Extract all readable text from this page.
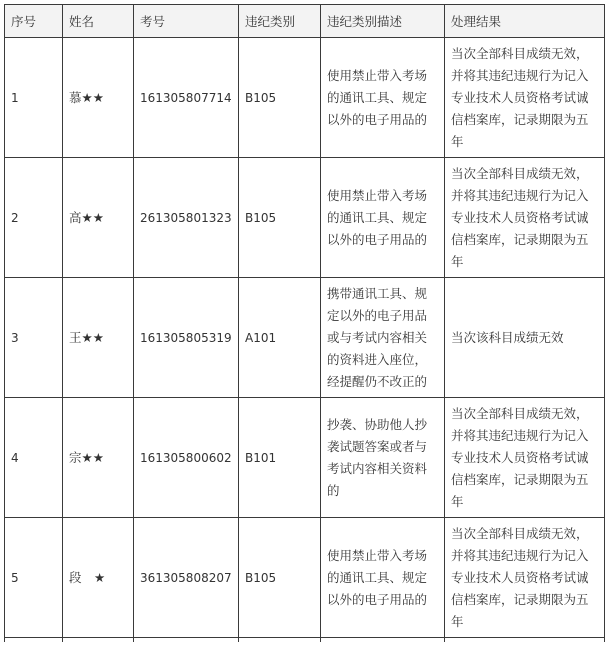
序号	姓名	考号	违纪类别	违纪类别描述	处理结果
1	慕★★	161305807714	B105	使用禁止带入考场的通讯工具、规定以外的电子用品的	当次全部科目成绩无效，并将其违纪违规行为记入专业技术人员资格考试诚信档案库，记录期限为五年
2	高★★	261305801323	B105	使用禁止带入考场的通讯工具、规定以外的电子用品的	当次全部科目成绩无效，并将其违纪违规行为记入专业技术人员资格考试诚信档案库，记录期限为五年
3	王★★	161305805319	A101	携带通讯工具、规定以外的电子用品或与考试内容相关的资料进入座位，经提醒仍不改正的	当次该科目成绩无效
4	宗★★	161305800602	B101	抄袭、协助他人抄袭试题答案或者与考试内容相关资料的	当次全部科目成绩无效，并将其违纪违规行为记入专业技术人员资格考试诚信档案库，记录期限为五年
5	段　★	361305808207	B105	使用禁止带入考场的通讯工具、规定以外的电子用品的	当次全部科目成绩无效，并将其违纪违规行为记入专业技术人员资格考试诚信档案库，记录期限为五年
